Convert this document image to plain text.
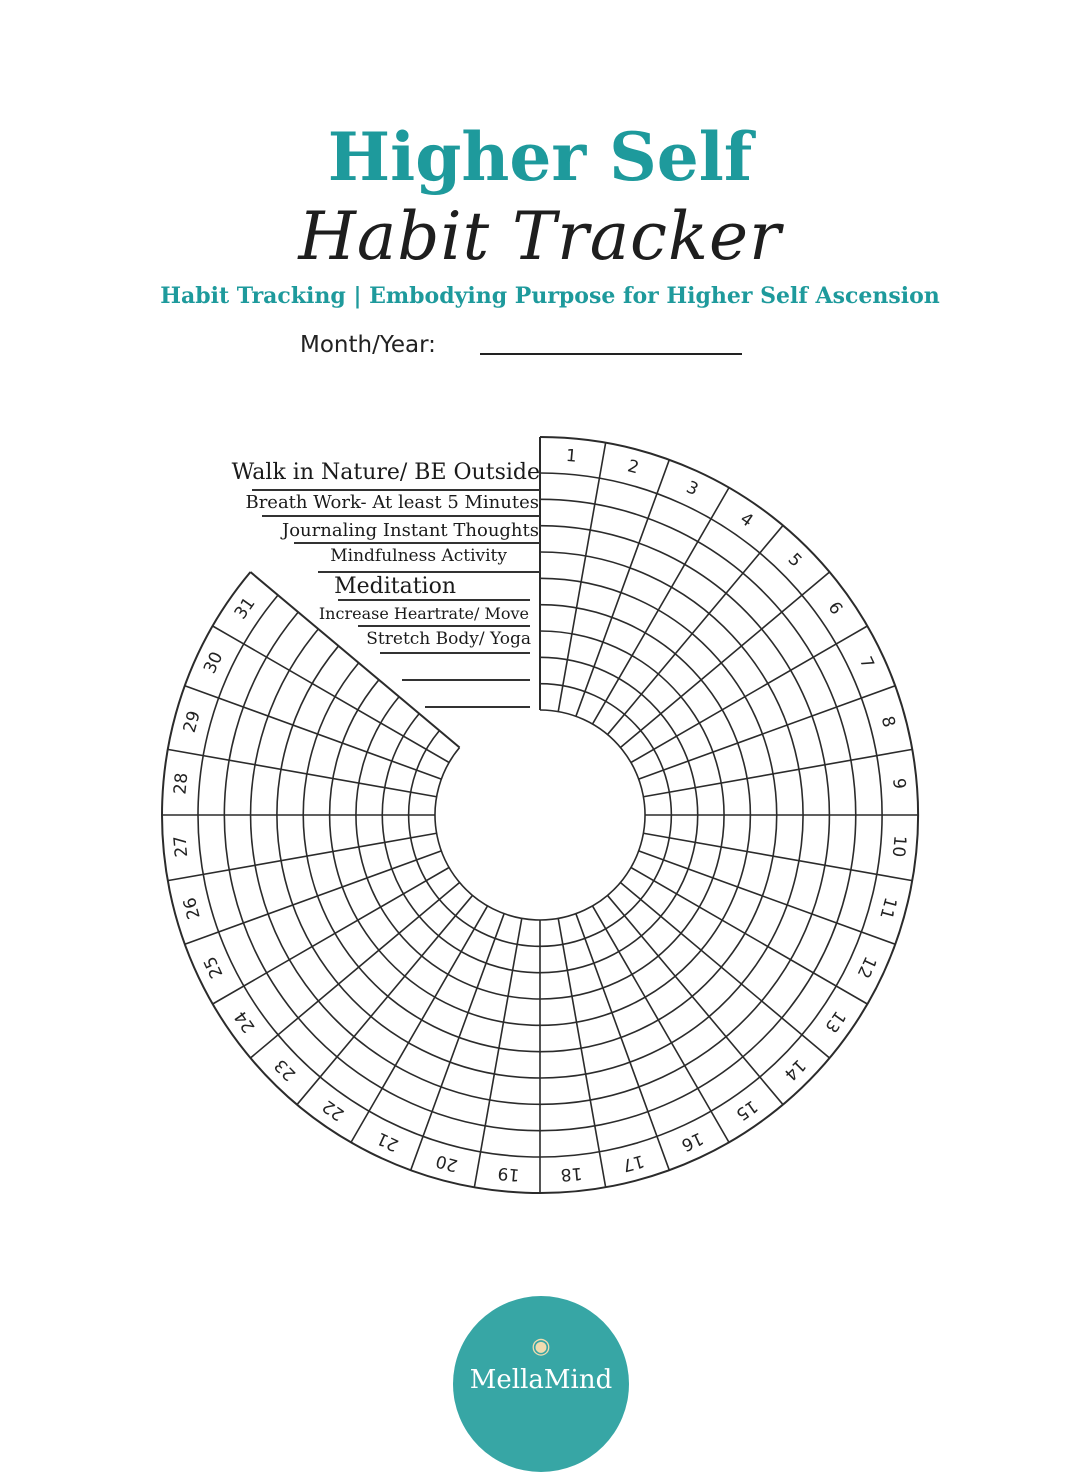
Higher Self
Habit Tracker
Habit Tracking | Embodying Purpose for Higher Self Ascension
Month/Year:
1	2
3
4
5
6
7
8
9
10
11
12
13
14
15
16
17
18
19
20
21
22
23
24
25
26
27
28
29
30
31
Walk in Nature/ BE Outside
Breath Work- At least 5 Minutes
Journaling Instant Thoughts
Mindfulness Activity
Meditation
Increase Heartrate/ Move
Stretch Body/ Yoga
◉
MellaMind
